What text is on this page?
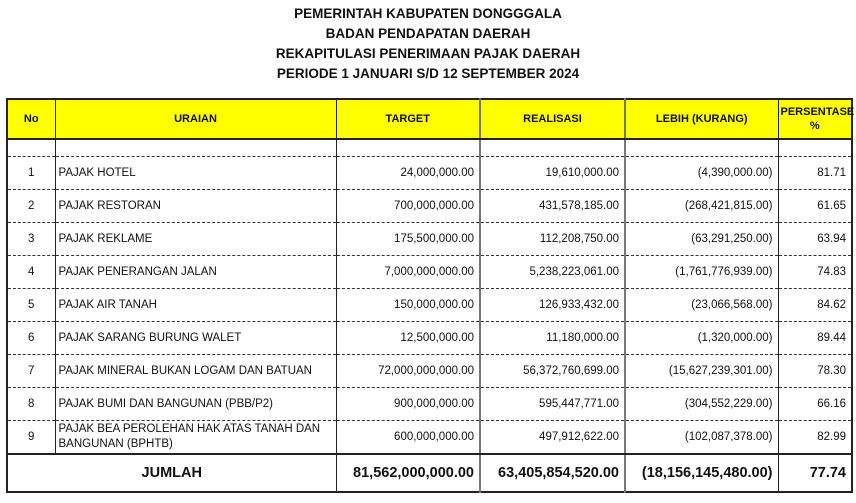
PEMERINTAH KABUPATEN DONGGGALA
BADAN PENDAPATAN DAERAH
REKAPITULASI PENERIMAAN PAJAK DAERAH
PERIODE 1 JANUARI S/D 12 SEPTEMBER 2024
No	URAIAN	TARGET	REALISASI	LEBIH (KURANG)	PERSENTASE
%

1	PAJAK HOTEL	24,000,000.00	19,610,000.00	(4,390,000.00)	81.71
2	PAJAK RESTORAN	700,000,000.00	431,578,185.00	(268,421,815.00)	61.65
3	PAJAK REKLAME	175,500,000.00	112,208,750.00	(63,291,250.00)	63.94
4	PAJAK PENERANGAN JALAN	7,000,000,000.00	5,238,223,061.00	(1,761,776,939.00)	74.83
5	PAJAK AIR TANAH	150,000,000.00	126,933,432.00	(23,066,568.00)	84.62
6	PAJAK SARANG BURUNG WALET	12,500,000.00	11,180,000.00	(1,320,000.00)	89.44
7	PAJAK MINERAL BUKAN LOGAM DAN BATUAN	72,000,000,000.00	56,372,760,699.00	(15,627,239,301.00)	78.30
8	PAJAK BUMI DAN BANGUNAN (PBB/P2)	900,000,000.00	595,447,771.00	(304,552,229.00)	66.16
9	PAJAK BEA PEROLEHAN HAK ATAS TANAH DAN BANGUNAN (BPHTB)	600,000,000.00	497,912,622.00	(102,087,378.00)	82.99
JUMLAH		81,562,000,000.00	63,405,854,520.00	(18,156,145,480.00)	77.74
